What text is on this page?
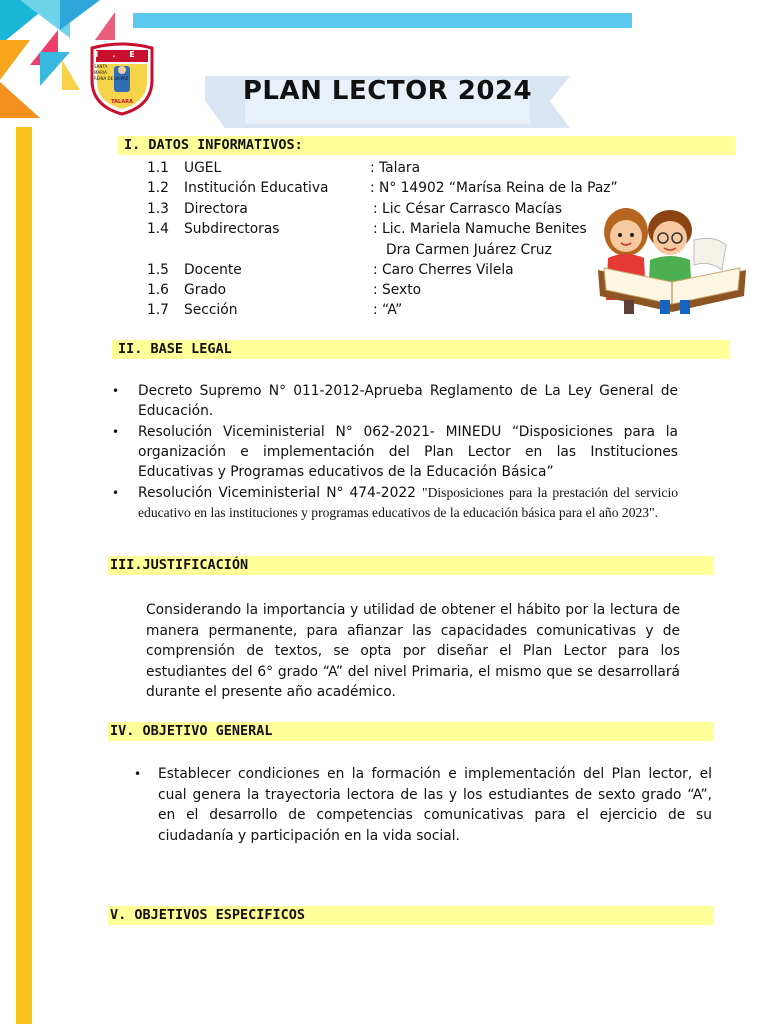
I.E
SANTA
MARIA
REINA DE LA PAZ
TALARA	PLAN LECTOR 2024
I. DATOS INFORMATIVOS:
II. BASE LEGAL
III.JUSTIFICACIÓN
IV. OBJETIVO GENERAL
V. OBJETIVOS ESPECIFICOS
1.1 UGEL	: Talara
1.2 Institución Educativa	: N° 14902 “Marísa Reina de la Paz”
1.3 Directora	: Lic César Carrasco Macías
1.4 Subdirectoras	: Lic. Mariela Namuche Benites
Dra Carmen Juárez Cruz
1.5 Docente	: Caro Cherres Vilela
1.6 Grado	: Sexto
1.7 Sección	: “A”
• Decreto Supremo N° 011-2012-Aprueba Reglamento de La Ley General de Educación.
• Resolución Viceministerial N° 062-2021- MINEDU “Disposiciones para la organización e implementación del Plan Lector en las Instituciones Educativas y Programas educativos de la Educación Básica”
• Resolución Viceministerial N° 474-2022 "Disposiciones para la prestación del servicio educativo en las instituciones y programas educativos de la educación básica para el año 2023".
Considerando la importancia y utilidad de obtener el hábito por la lectura de manera permanente, para afianzar las capacidades comunicativas y de comprensión de textos, se opta por diseñar el Plan Lector para los estudiantes del 6° grado “A” del nivel Primaria, el mismo que se desarrollará durante el presente año académico.
• Establecer condiciones en la formación e implementación del Plan lector, el cual genera la trayectoria lectora de las y los estudiantes de sexto grado “A”, en el desarrollo de competencias comunicativas para el ejercicio de su ciudadanía y participación en la vida social.
